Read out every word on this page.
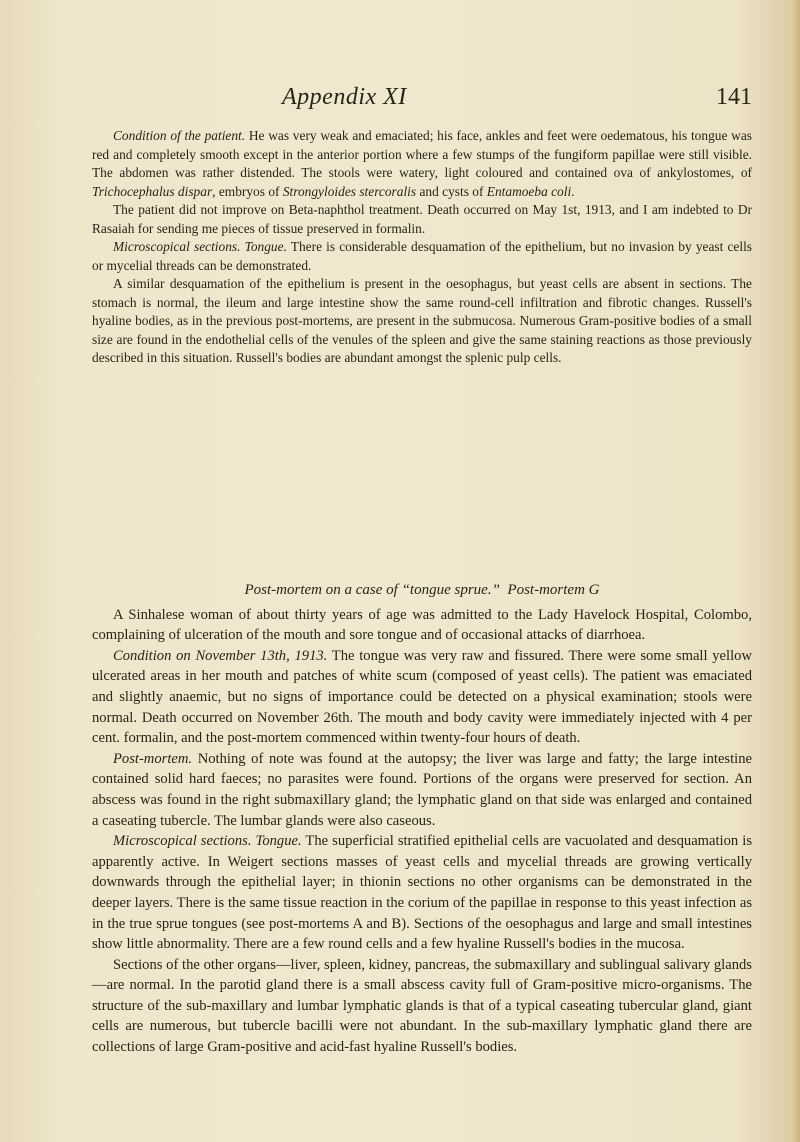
Appendix XI	141

Condition of the patient. He was very weak and emaciated; his face, ankles and feet were oedematous, his tongue was red and completely smooth except in the anterior portion where a few stumps of the fungiform papillae were still visible. The abdomen was rather distended. The stools were watery, light coloured and contained ova of ankylostomes, of Trichocephalus dispar, embryos of Strongyloides stercoralis and cysts of Entamoeba coli.

The patient did not improve on Beta-naphthol treatment. Death occurred on May 1st, 1913, and I am indebted to Dr Rasaiah for sending me pieces of tissue preserved in formalin.

Microscopical sections. Tongue. There is considerable desquamation of the epithelium, but no invasion by yeast cells or mycelial threads can be demonstrated.

A similar desquamation of the epithelium is present in the oesophagus, but yeast cells are absent in sections. The stomach is normal, the ileum and large intestine show the same round-cell infiltration and fibrotic changes. Russell's hyaline bodies, as in the previous post-mortems, are present in the submucosa. Numerous Gram-positive bodies of a small size are found in the endothelial cells of the venules of the spleen and give the same staining reactions as those previously described in this situation. Russell's bodies are abundant amongst the splenic pulp cells.

Post-mortem on a case of “tongue sprue.”  Post-mortem G

A Sinhalese woman of about thirty years of age was admitted to the Lady Havelock Hospital, Colombo, complaining of ulceration of the mouth and sore tongue and of occasional attacks of diarrhoea.

Condition on November 13th, 1913. The tongue was very raw and fissured. There were some small yellow ulcerated areas in her mouth and patches of white scum (composed of yeast cells). The patient was emaciated and slightly anaemic, but no signs of importance could be detected on a physical examination; stools were normal. Death occurred on November 26th. The mouth and body cavity were immediately injected with 4 per cent. formalin, and the post-mortem commenced within twenty-four hours of death.

Post-mortem. Nothing of note was found at the autopsy; the liver was large and fatty; the large intestine contained solid hard faeces; no parasites were found. Portions of the organs were preserved for section. An abscess was found in the right submaxillary gland; the lymphatic gland on that side was enlarged and contained a caseating tubercle. The lumbar glands were also caseous.

Microscopical sections. Tongue. The superficial stratified epithelial cells are vacuolated and desquamation is apparently active. In Weigert sections masses of yeast cells and mycelial threads are growing vertically downwards through the epithelial layer; in thionin sections no other organisms can be demonstrated in the deeper layers. There is the same tissue reaction in the corium of the papillae in response to this yeast infection as in the true sprue tongues (see post-mortems A and B). Sections of the oesophagus and large and small intestines show little abnormality. There are a few round cells and a few hyaline Russell's bodies in the mucosa.

Sections of the other organs—liver, spleen, kidney, pancreas, the submaxillary and sublingual salivary glands—are normal. In the parotid gland there is a small abscess cavity full of Gram-positive micro-organisms. The structure of the sub-maxillary and lumbar lymphatic glands is that of a typical caseating tubercular gland, giant cells are numerous, but tubercle bacilli were not abundant. In the sub-maxillary lymphatic gland there are collections of large Gram-positive and acid-fast hyaline Russell's bodies.
